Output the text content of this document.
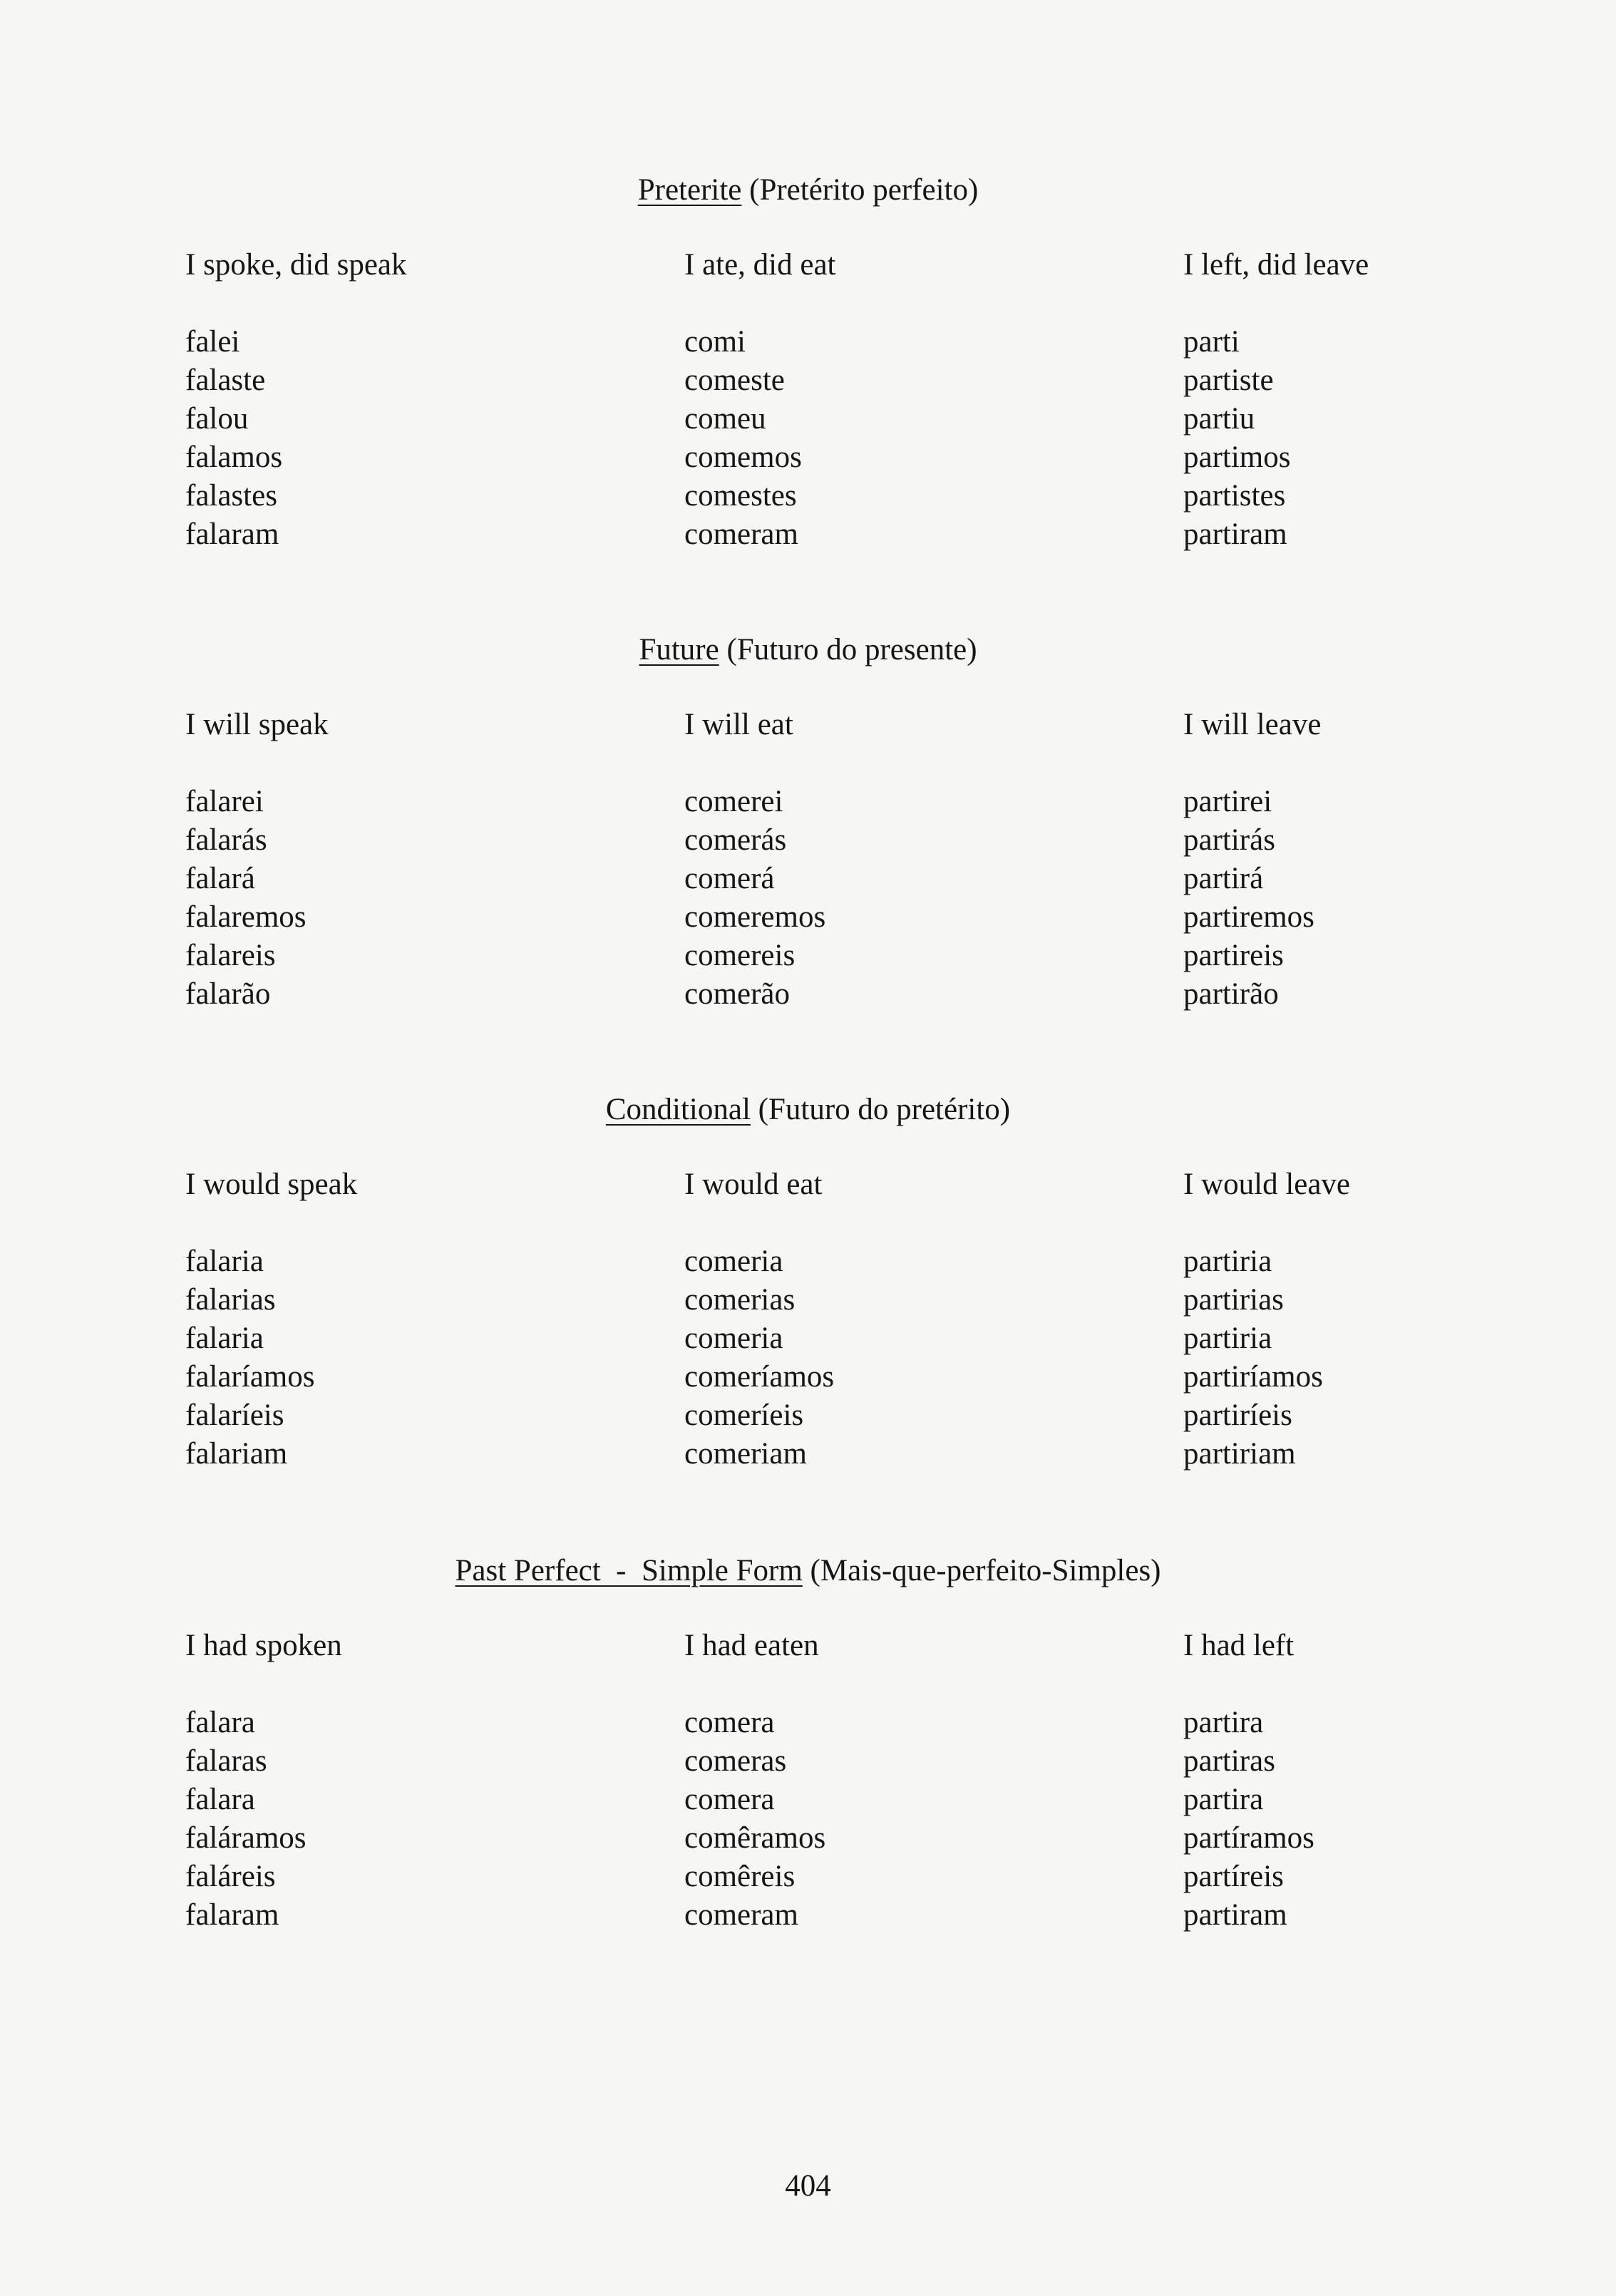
Preterite (Pretérito perfeito)
I spoke, did speak
falei
falaste
falou
falamos
falastes
falaram
I ate, did eat
comi
comeste
comeu
comemos
comestes
comeram
I left, did leave
parti
partiste
partiu
partimos
partistes
partiram
Future (Futuro do presente)
I will speak
falarei
falarás
falará
falaremos
falareis
falarão
I will eat
comerei
comerás
comerá
comeremos
comereis
comerão
I will leave
partirei
partirás
partirá
partiremos
partireis
partirão
Conditional (Futuro do pretérito)
I would speak
falaria
falarias
falaria
falaríamos
falaríeis
falariam
I would eat
comeria
comerias
comeria
comeríamos
comeríeis
comeriam
I would leave
partiria
partirias
partiria
partiríamos
partiríeis
partiriam
Past Perfect  -  Simple Form (Mais-que-perfeito-Simples)
I had spoken
falara
falaras
falara
faláramos
faláreis
falaram
I had eaten
comera
comeras
comera
comêramos
comêreis
comeram
I had left
partira
partiras
partira
partíramos
partíreis
partiram
404
